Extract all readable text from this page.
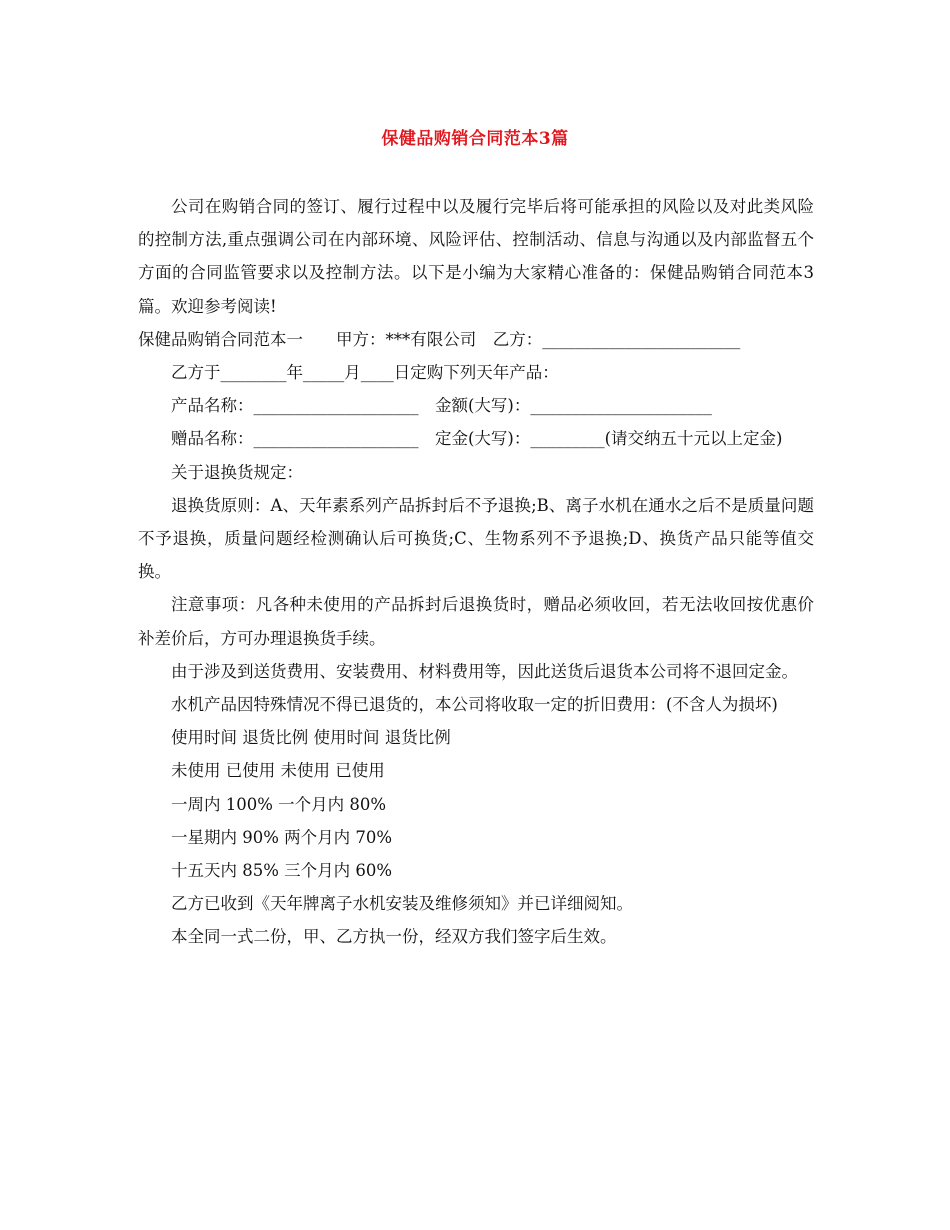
保健品购销合同范本3篇

公司在购销合同的签订、履行过程中以及履行完毕后将可能承担的风险以及对此类风险的控制方法,重点强调公司在内部环境、风险评估、控制活动、信息与沟通以及内部监督五个方面的合同监管要求以及控制方法。以下是小编为大家精心准备的：保健品购销合同范本3篇。欢迎参考阅读!

保健品购销合同范本一　　甲方：***有限公司　乙方：________________________

乙方于________年_____月____日定购下列天年产品：

产品名称：____________________　金额(大写)：______________________

赠品名称：____________________　定金(大写)：_________(请交纳五十元以上定金)

关于退换货规定：

退换货原则：A、天年素系列产品拆封后不予退换;B、离子水机在通水之后不是质量问题不予退换，质量问题经检测确认后可换货;C、生物系列不予退换;D、换货产品只能等值交换。

注意事项：凡各种未使用的产品拆封后退换货时，赠品必须收回，若无法收回按优惠价补差价后，方可办理退换货手续。

由于涉及到送货费用、安装费用、材料费用等，因此送货后退货本公司将不退回定金。

水机产品因特殊情况不得已退货的，本公司将收取一定的折旧费用：(不含人为损坏)

使用时间 退货比例 使用时间 退货比例

未使用 已使用 未使用 已使用

一周内 100% 一个月内 80%

一星期内 90% 两个月内 70%

十五天内 85% 三个月内 60%

乙方已收到《天年牌离子水机安装及维修须知》并已详细阅知。

本全同一式二份，甲、乙方执一份，经双方我们签字后生效。
